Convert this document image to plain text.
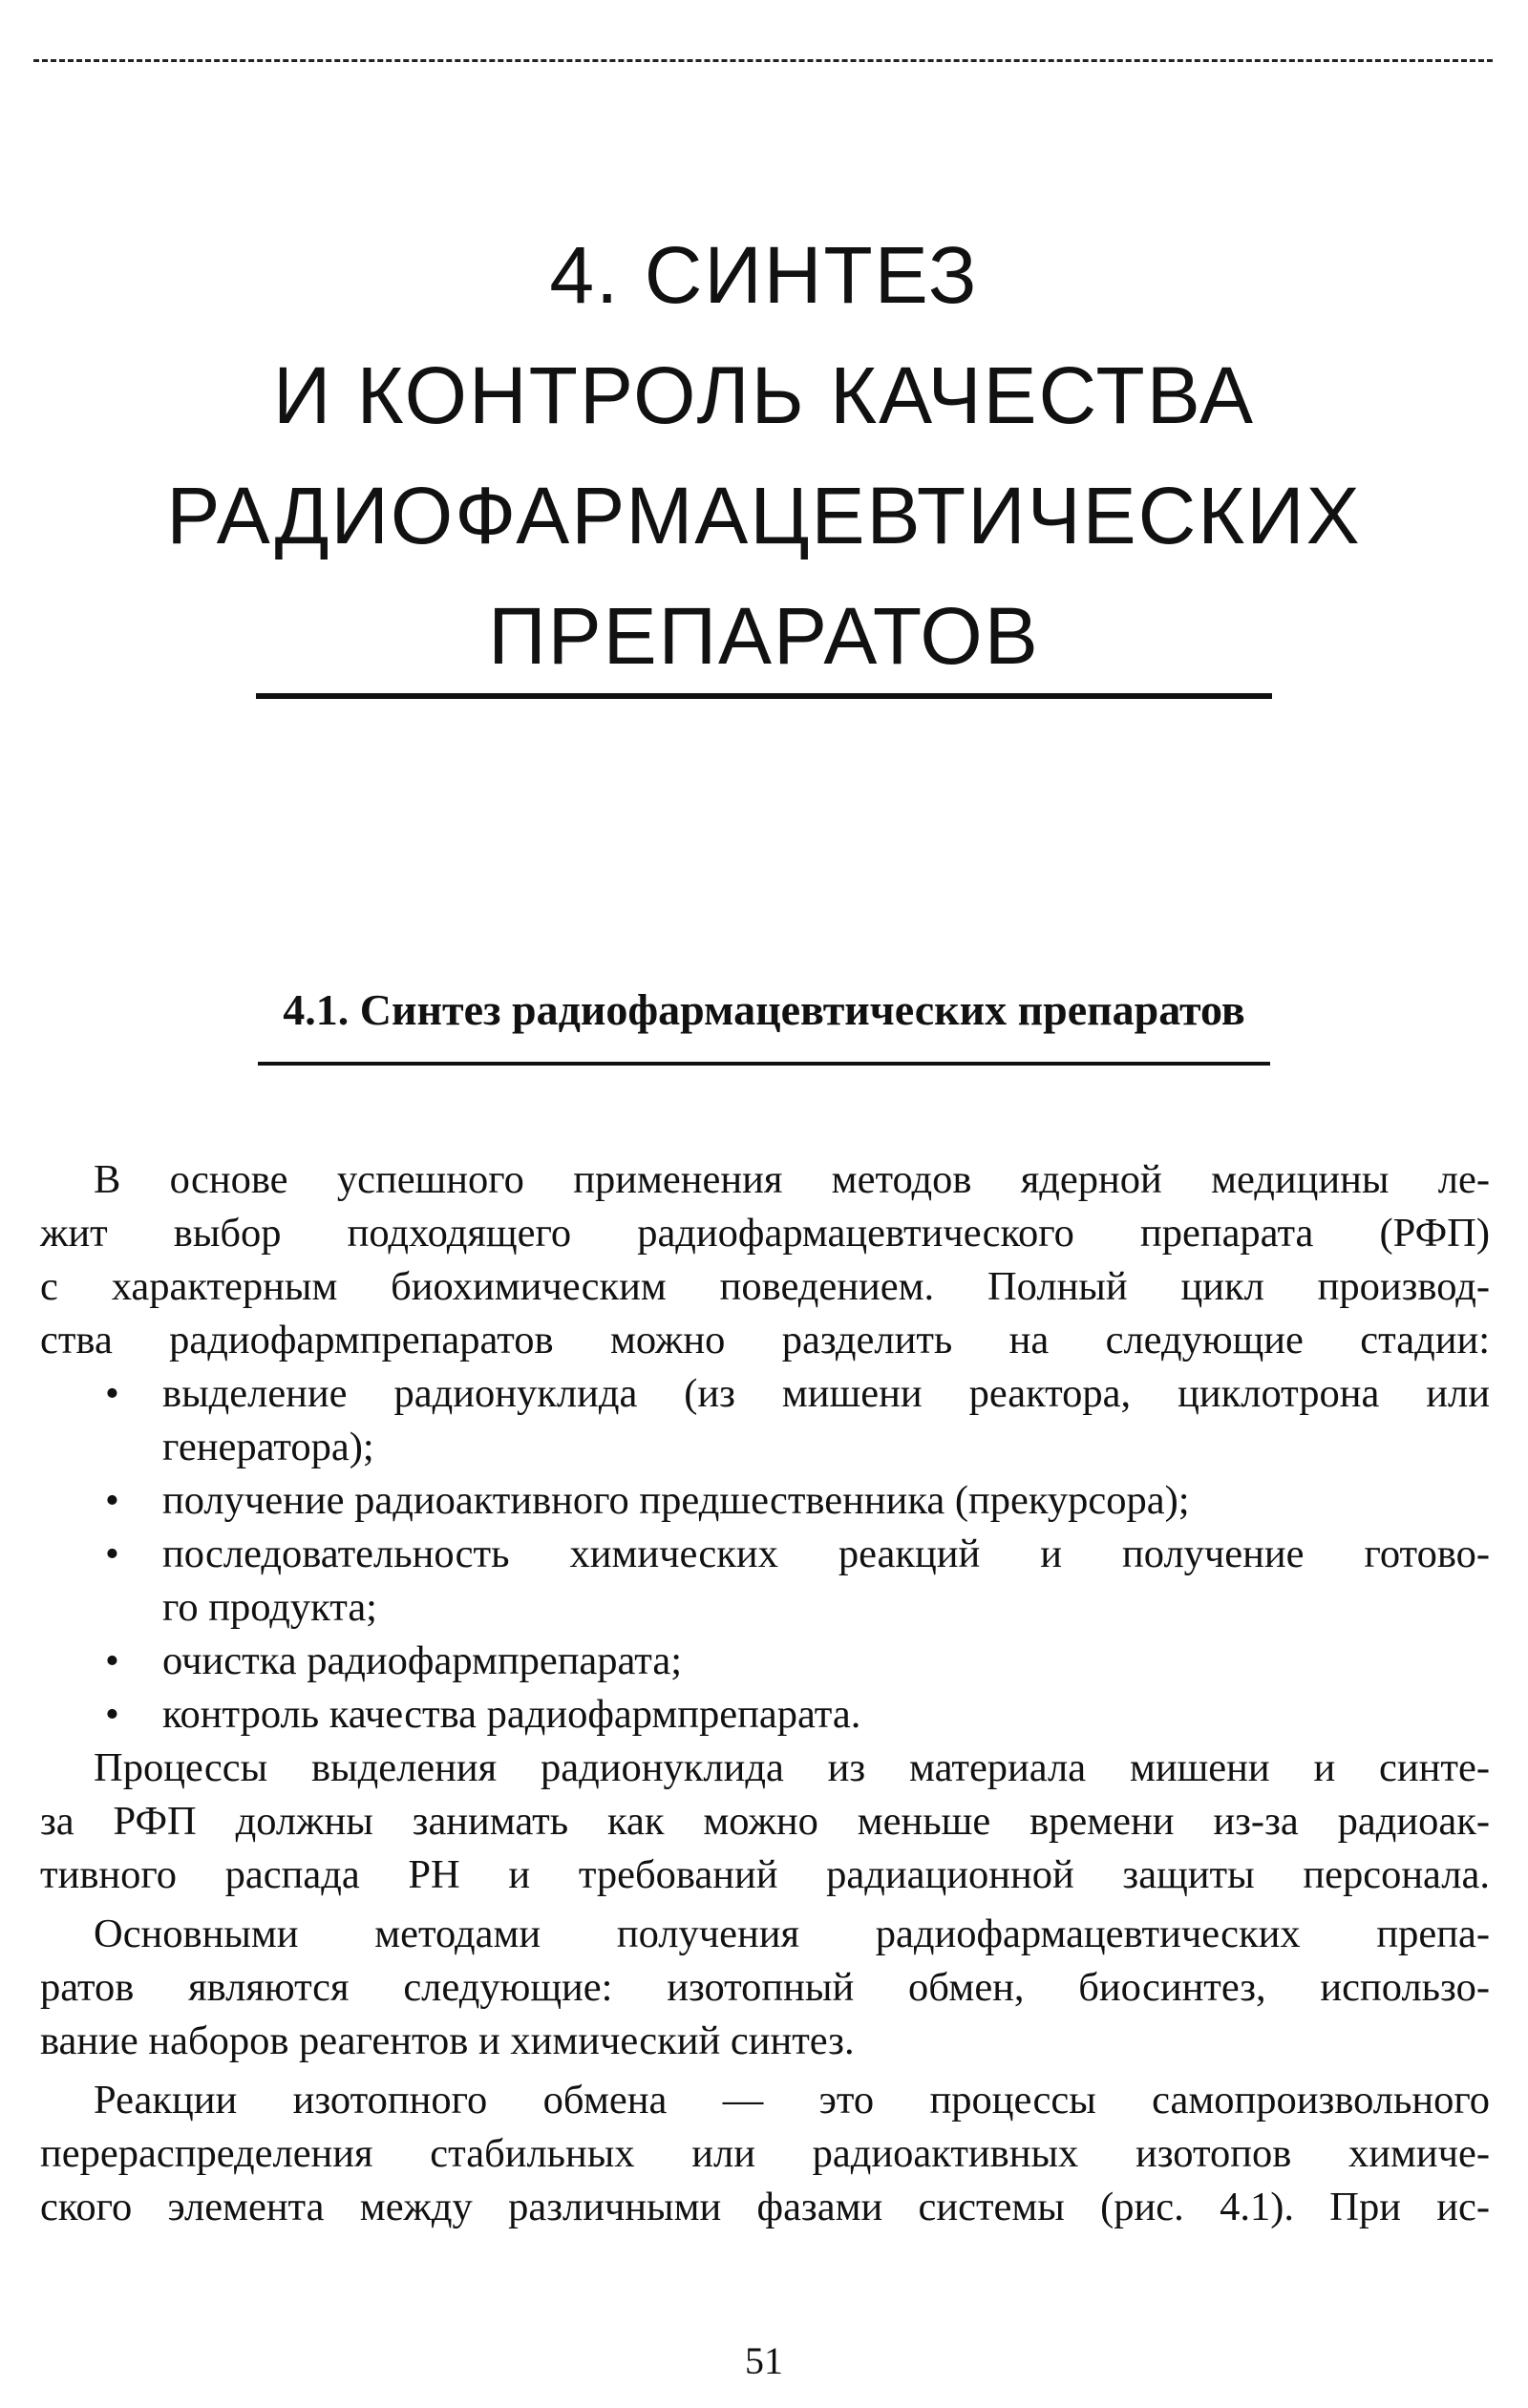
4. СИНТЕЗ
И КОНТРОЛЬ КАЧЕСТВА
РАДИОФАРМАЦЕВТИЧЕСКИХ
ПРЕПАРАТОВ
4.1. Синтез радиофармацевтических препаратов
В основе успешного применения методов ядерной медицины ле-
жит выбор подходящего радиофармацевтического препарата (РФП)
с характерным биохимическим поведением. Полный цикл производ-
ства радиофармпрепаратов можно разделить на следующие стадии:
• выделение радионуклида (из мишени реактора, циклотрона или
генератора);
• получение радиоактивного предшественника (прекурсора);
• последовательность химических реакций и получение готово-
го продукта;
• очистка радиофармпрепарата;
• контроль качества радиофармпрепарата.
Процессы выделения радионуклида из материала мишени и синте-
за РФП должны занимать как можно меньше времени из-за радиоак-
тивного распада РН и требований радиационной защиты персонала.
Основными методами получения радиофармацевтических препа-
ратов являются следующие: изотопный обмен, биосинтез, использо-
вание наборов реагентов и химический синтез.
Реакции изотопного обмена — это процессы самопроизвольного
перераспределения стабильных или радиоактивных изотопов химиче-
ского элемента между различными фазами системы (рис. 4.1). При ис-
51
